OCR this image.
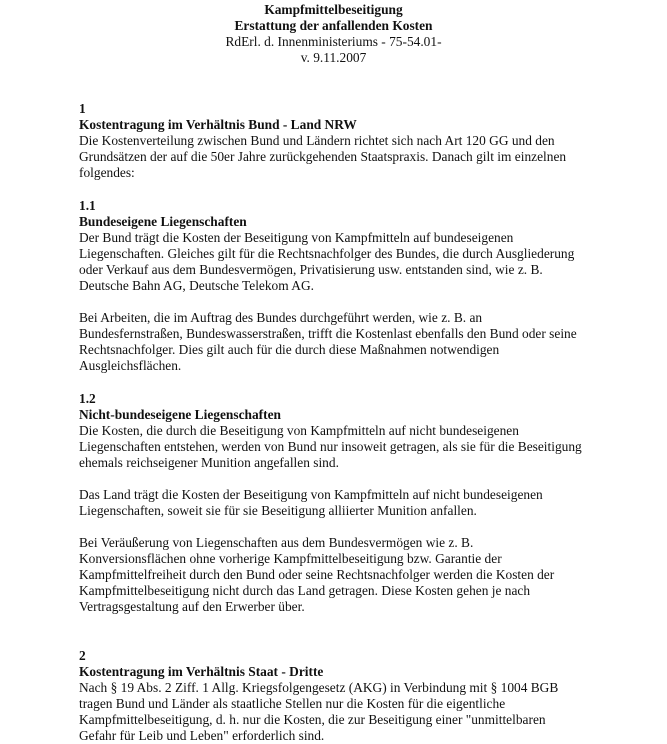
Kampfmittelbeseitigung
Erstattung der anfallenden Kosten
RdErl. d. Innenministeriums - 75-54.01-
v. 9.11.2007
1
Kostentragung im Verhältnis Bund - Land NRW
Die Kostenverteilung zwischen Bund und Ländern richtet sich nach Art 120 GG und den
Grundsätzen der auf die 50er Jahre zurückgehenden Staatspraxis. Danach gilt im einzelnen
folgendes:
1.1
Bundeseigene Liegenschaften
Der Bund trägt die Kosten der Beseitigung von Kampfmitteln auf bundeseigenen
Liegenschaften. Gleiches gilt für die Rechtsnachfolger des Bundes, die durch Ausgliederung
oder Verkauf aus dem Bundesvermögen, Privatisierung usw. entstanden sind, wie z. B.
Deutsche Bahn AG, Deutsche Telekom AG.
Bei Arbeiten, die im Auftrag des Bundes durchgeführt werden, wie z. B. an
Bundesfernstraßen, Bundeswasserstraßen, trifft die Kostenlast ebenfalls den Bund oder seine
Rechtsnachfolger. Dies gilt auch für die durch diese Maßnahmen notwendigen
Ausgleichsflächen.
1.2
Nicht-bundeseigene Liegenschaften
Die Kosten, die durch die Beseitigung von Kampfmitteln auf nicht bundeseigenen
Liegenschaften entstehen, werden von Bund nur insoweit getragen, als sie für die Beseitigung
ehemals reichseigener Munition angefallen sind.
Das Land trägt die Kosten der Beseitigung von Kampfmitteln auf nicht bundeseigenen
Liegenschaften, soweit sie für sie Beseitigung alliierter Munition anfallen.
Bei Veräußerung von Liegenschaften aus dem Bundesvermögen wie z. B.
Konversionsflächen ohne vorherige Kampfmittelbeseitigung bzw. Garantie der
Kampfmittelfreiheit durch den Bund oder seine Rechtsnachfolger werden die Kosten der
Kampfmittelbeseitigung nicht durch das Land getragen. Diese Kosten gehen je nach
Vertragsgestaltung auf den Erwerber über.
2
Kostentragung im Verhältnis Staat - Dritte
Nach § 19 Abs. 2 Ziff. 1 Allg. Kriegsfolgengesetz (AKG) in Verbindung mit § 1004 BGB
tragen Bund und Länder als staatliche Stellen nur die Kosten für die eigentliche
Kampfmittelbeseitigung, d. h. nur die Kosten, die zur Beseitigung einer "unmittelbaren
Gefahr für Leib und Leben" erforderlich sind.
